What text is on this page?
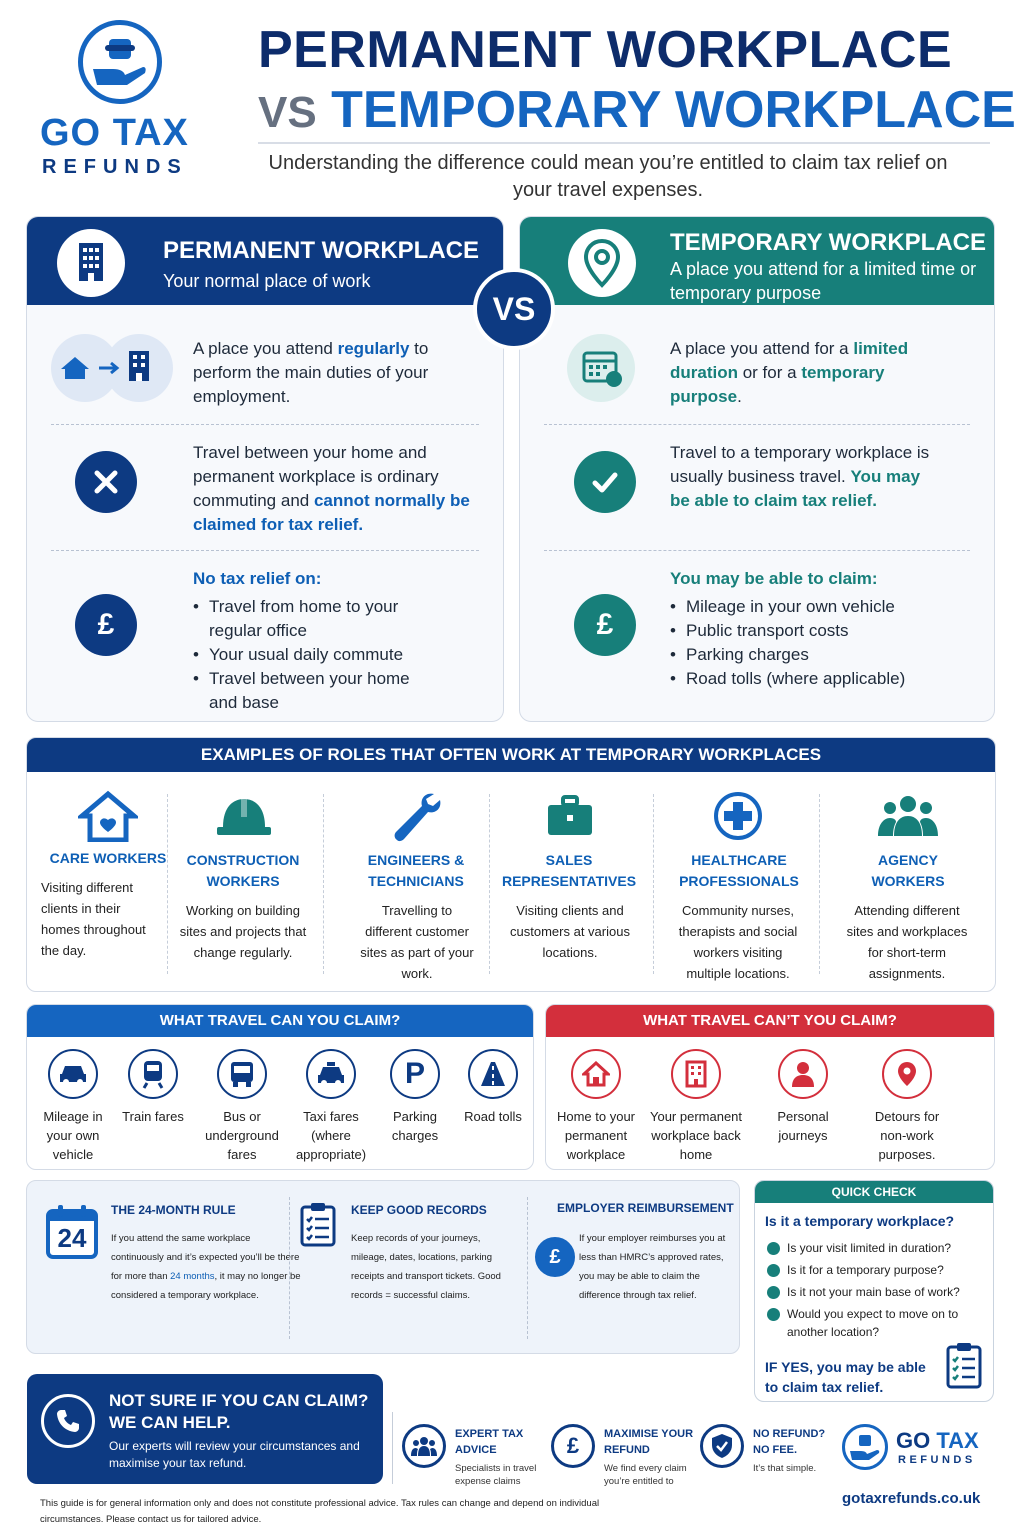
GO TAX
REFUNDS
PERMANENT WORKPLACE
VS TEMPORARY WORKPLACE
Understanding the difference could mean you’re entitled to claim tax relief on your travel expenses.
PERMANENT WORKPLACE
Your normal place of work
A place you attend regularly to perform the main duties of your employment.
Travel between your home and permanent workplace is ordinary commuting and cannot normally be claimed for tax relief.
£
No tax relief on:
• Travel from home to your regular office
• Your usual daily commute
• Travel between your home and base
VS
TEMPORARY WORKPLACE
A place you attend for a limited time or temporary purpose
A place you attend for a limited duration or for a temporary purpose.
Travel to a temporary workplace is usually business travel. You may be able to claim tax relief.
£
You may be able to claim:
• Mileage in your own vehicle
• Public transport costs
• Parking charges
• Road tolls (where applicable)
EXAMPLES OF ROLES THAT OFTEN WORK AT TEMPORARY WORKPLACES
CARE WORKERS
Visiting different clients in their homes throughout the day.
CONSTRUCTION WORKERS
Working on building sites and projects that change regularly.
ENGINEERS & TECHNICIANS
Travelling to different customer sites as part of your work.
SALES REPRESENTATIVES
Visiting clients and customers at various locations.
HEALTHCARE PROFESSIONALS
Community nurses, therapists and social workers visiting multiple locations.
AGENCY WORKERS
Attending different sites and workplaces for short-term assignments.
WHAT TRAVEL CAN YOU CLAIM?
Mileage in your own vehicle
Train fares	Bus or underground fares
Taxi fares (where appropriate)
P
Parking charges
Road tolls
WHAT TRAVEL CAN’T YOU CLAIM?
Home to your permanent workplace
Your permanent workplace back home
Personal journeys
Detours for non-work purposes.
24
THE 24-MONTH RULE
If you attend the same workplace continuously and it’s expected you’ll be there for more than 24 months, it may no longer be considered a temporary workplace.
KEEP GOOD RECORDS
Keep records of your journeys, mileage, dates, locations, parking receipts and transport tickets. Good records = successful claims.
EMPLOYER REIMBURSEMENT
£
If your employer reimburses you at less than HMRC’s approved rates, you may be able to claim the difference through tax relief.
QUICK CHECK
Is it a temporary workplace?
Is your visit limited in duration?
Is it for a temporary purpose?
Is it not your main base of work?
Would you expect to move on to another location?
IF YES, you may be able to claim tax relief.
NOT SURE IF YOU CAN CLAIM? WE CAN HELP.
Our experts will review your circumstances and maximise your tax refund.
EXPERT TAX ADVICE
Specialists in travel expense claims
£	MAXIMISE YOUR REFUND
We find every claim you’re entitled to
NO REFUND? NO FEE.
It’s that simple.
GO TAX
REFUNDS
This guide is for general information only and does not constitute professional advice. Tax rules can change and depend on individual circumstances. Please contact us for tailored advice.
gotaxrefunds.co.uk
